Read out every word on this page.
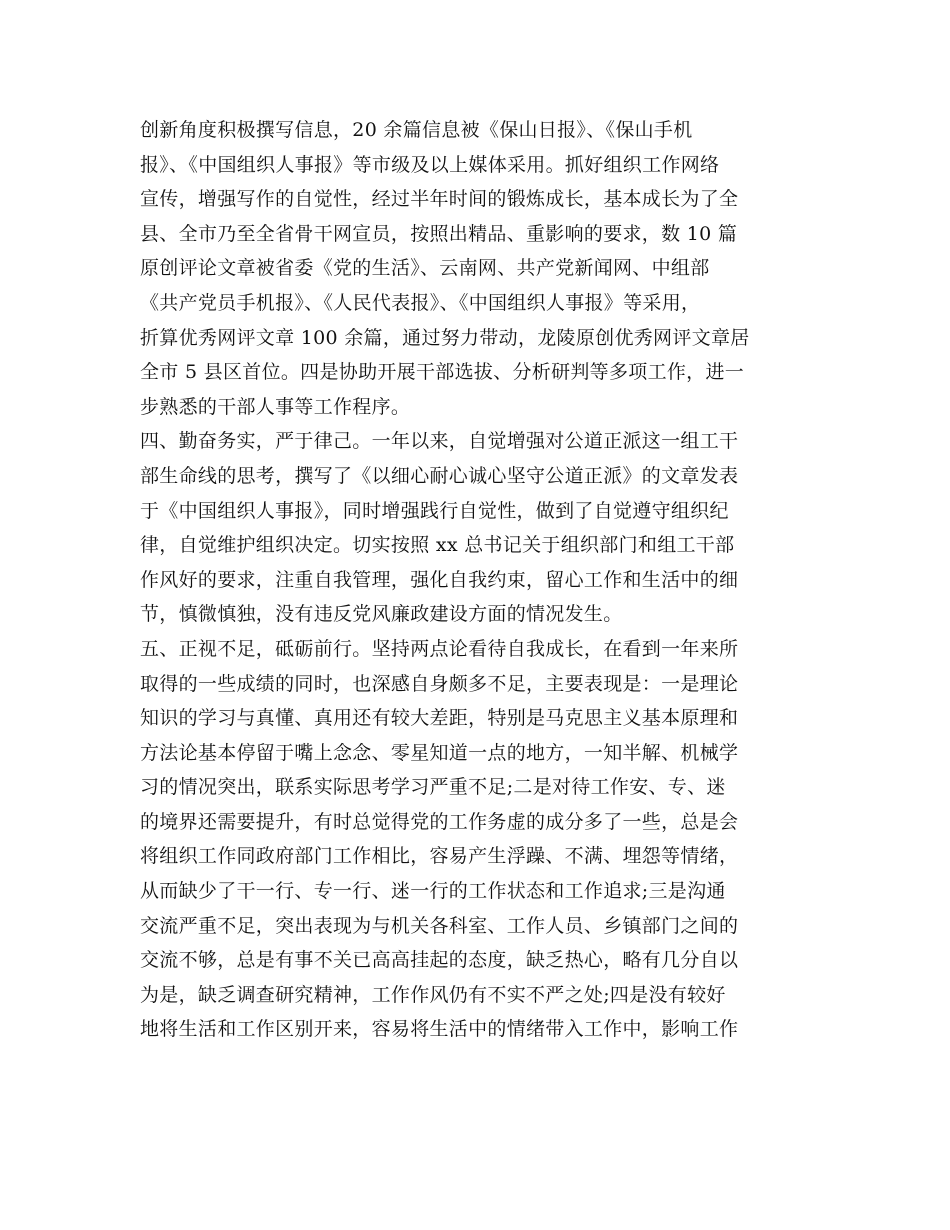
创新角度积极撰写信息，20 余篇信息被《保山日报》、《保山手机
报》、《中国组织人事报》等市级及以上媒体采用。抓好组织工作网络
宣传，增强写作的自觉性，经过半年时间的锻炼成长，基本成长为了全
县、全市乃至全省骨干网宣员，按照出精品、重影响的要求，数 10 篇
原创评论文章被省委《党的生活》、云南网、共产党新闻网、中组部
《共产党员手机报》、《人民代表报》、《中国组织人事报》等采用，
折算优秀网评文章 100 余篇，通过努力带动，龙陵原创优秀网评文章居
全市 5 县区首位。四是协助开展干部选拔、分析研判等多项工作，进一
步熟悉的干部人事等工作程序。
四、勤奋务实，严于律己。一年以来，自觉增强对公道正派这一组工干
部生命线的思考，撰写了《以细心耐心诚心坚守公道正派》的文章发表
于《中国组织人事报》，同时增强践行自觉性，做到了自觉遵守组织纪
律，自觉维护组织决定。切实按照 xx 总书记关于组织部门和组工干部
作风好的要求，注重自我管理，强化自我约束，留心工作和生活中的细
节，慎微慎独，没有违反党风廉政建设方面的情况发生。
五、正视不足，砥砺前行。坚持两点论看待自我成长，在看到一年来所
取得的一些成绩的同时，也深感自身颇多不足，主要表现是：一是理论
知识的学习与真懂、真用还有较大差距，特别是马克思主义基本原理和
方法论基本停留于嘴上念念、零星知道一点的地方，一知半解、机械学
习的情况突出，联系实际思考学习严重不足;二是对待工作安、专、迷
的境界还需要提升，有时总觉得党的工作务虚的成分多了一些，总是会
将组织工作同政府部门工作相比，容易产生浮躁、不满、埋怨等情绪，
从而缺少了干一行、专一行、迷一行的工作状态和工作追求;三是沟通
交流严重不足，突出表现为与机关各科室、工作人员、乡镇部门之间的
交流不够，总是有事不关已高高挂起的态度，缺乏热心，略有几分自以
为是，缺乏调查研究精神，工作作风仍有不实不严之处;四是没有较好
地将生活和工作区别开来，容易将生活中的情绪带入工作中，影响工作
